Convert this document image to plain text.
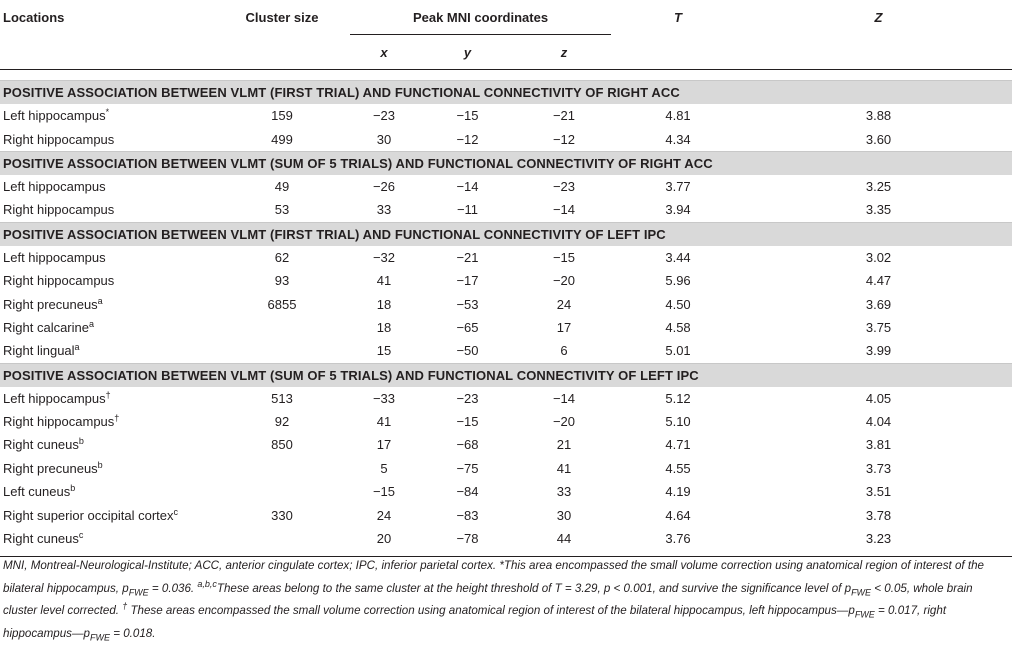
Locations	Cluster size	Peak MNI coordinates			T	Z
		x	y	z		

POSITIVE ASSOCIATION BETWEEN VLMT (FIRST TRIAL) AND FUNCTIONAL CONNECTIVITY OF RIGHT ACC						
Left hippocampus*	159	−23	−15	−21	4.81	3.88
Right hippocampus	499	30	−12	−12	4.34	3.60
POSITIVE ASSOCIATION BETWEEN VLMT (SUM OF 5 TRIALS) AND FUNCTIONAL CONNECTIVITY OF RIGHT ACC						
Left hippocampus	49	−26	−14	−23	3.77	3.25
Right hippocampus	53	33	−11	−14	3.94	3.35
POSITIVE ASSOCIATION BETWEEN VLMT (FIRST TRIAL) AND FUNCTIONAL CONNECTIVITY OF LEFT IPC						
Left hippocampus	62	−32	−21	−15	3.44	3.02
Right hippocampus	93	41	−17	−20	5.96	4.47
Right precuneus$^a$	6855	18	−53	24	4.50	3.69
Right calcarine$^a$		18	−65	17	4.58	3.75
Right lingual$^a$		15	−50	6	5.01	3.99
POSITIVE ASSOCIATION BETWEEN VLMT (SUM OF 5 TRIALS) AND FUNCTIONAL CONNECTIVITY OF LEFT IPC						
Left hippocampus†	513	−33	−23	−14	5.12	4.05
Right hippocampus†	92	41	−15	−20	5.10	4.04
Right cuneus$^b$	850	17	−68	21	4.71	3.81
Right precuneus$^b$		5	−75	41	4.55	3.73
Left cuneus$^b$		−15	−84	33	4.19	3.51
Right superior occipital cortex$^c$	330	24	−83	30	4.64	3.78
Right cuneus$^c$		20	−78	44	3.76	3.23

MNI, Montreal-Neurological-Institute; ACC, anterior cingulate cortex; IPC, inferior parietal cortex. *This area encompassed the small volume correction using anatomical region of interest of the bilateral hippocampus, $p_{FWE} = 0.036$. $^{a,b,c}$These areas belong to the same cluster at the height threshold of T = 3.29, p < 0.001, and survive the significance level of $p_{FWE} < 0.05$, whole brain cluster level corrected. † These areas encompassed the small volume correction using anatomical region of interest of the bilateral hippocampus, left $hippocampus—p_{FWE} = 0.017$, right $hippocampus—p_{FWE} = 0.018$.
